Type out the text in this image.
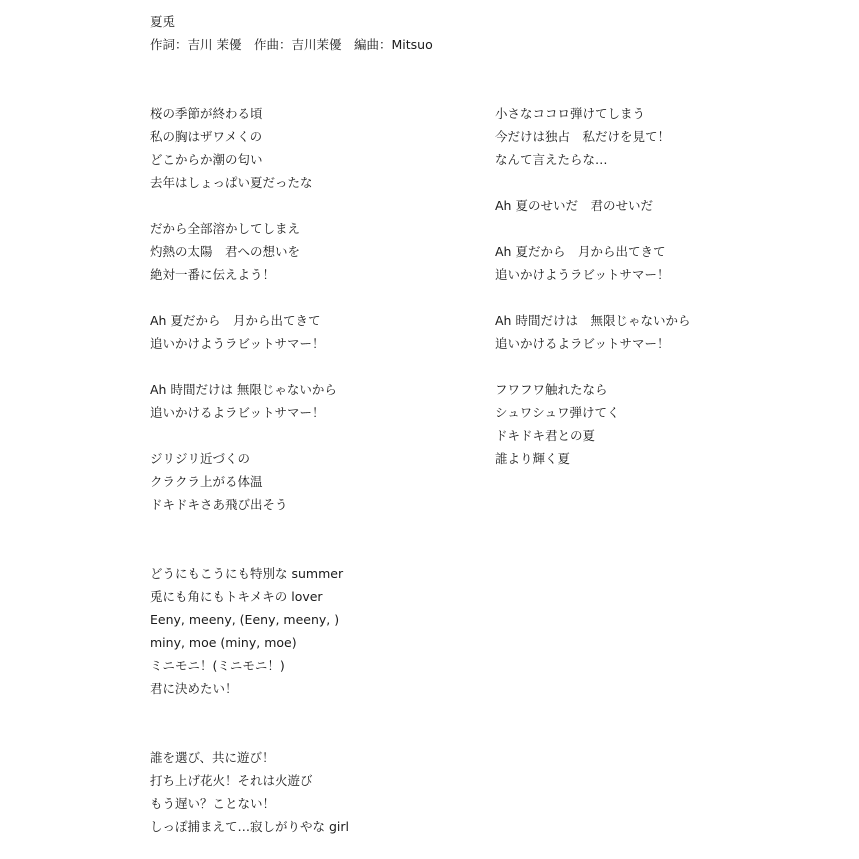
夏兎
作詞：吉川 茉優　作曲：吉川茉優　編曲：Mitsuo
桜の季節が終わる頃
私の胸はザワメくの
どこからか潮の匂い
去年はしょっぱい夏だったな
だから全部溶かしてしまえ
灼熱の太陽　君への想いを
絶対一番に伝えよう！
Ah 夏だから　月から出てきて
追いかけようラビットサマー！
Ah 時間だけは 無限じゃないから
追いかけるよラビットサマー！
ジリジリ近づくの
クラクラ上がる体温
ドキドキさあ飛び出そう
どうにもこうにも特別な summer
兎にも角にもトキメキの lover
Eeny, meeny, (Eeny, meeny, )
miny, moe (miny, moe)
ミニモニ！(ミニモニ！)
君に決めたい！
誰を選び、共に遊び！
打ち上げ花火！それは火遊び
もう遅い？ことない！
しっぽ捕まえて…寂しがりやな girl
小さなココロ弾けてしまう
今だけは独占　私だけを見て！
なんて言えたらな…
Ah 夏のせいだ　君のせいだ
Ah 夏だから　月から出てきて
追いかけようラビットサマー！
Ah 時間だけは　無限じゃないから
追いかけるよラビットサマー！
フワフワ触れたなら
シュワシュワ弾けてく
ドキドキ君との夏
誰より輝く夏
